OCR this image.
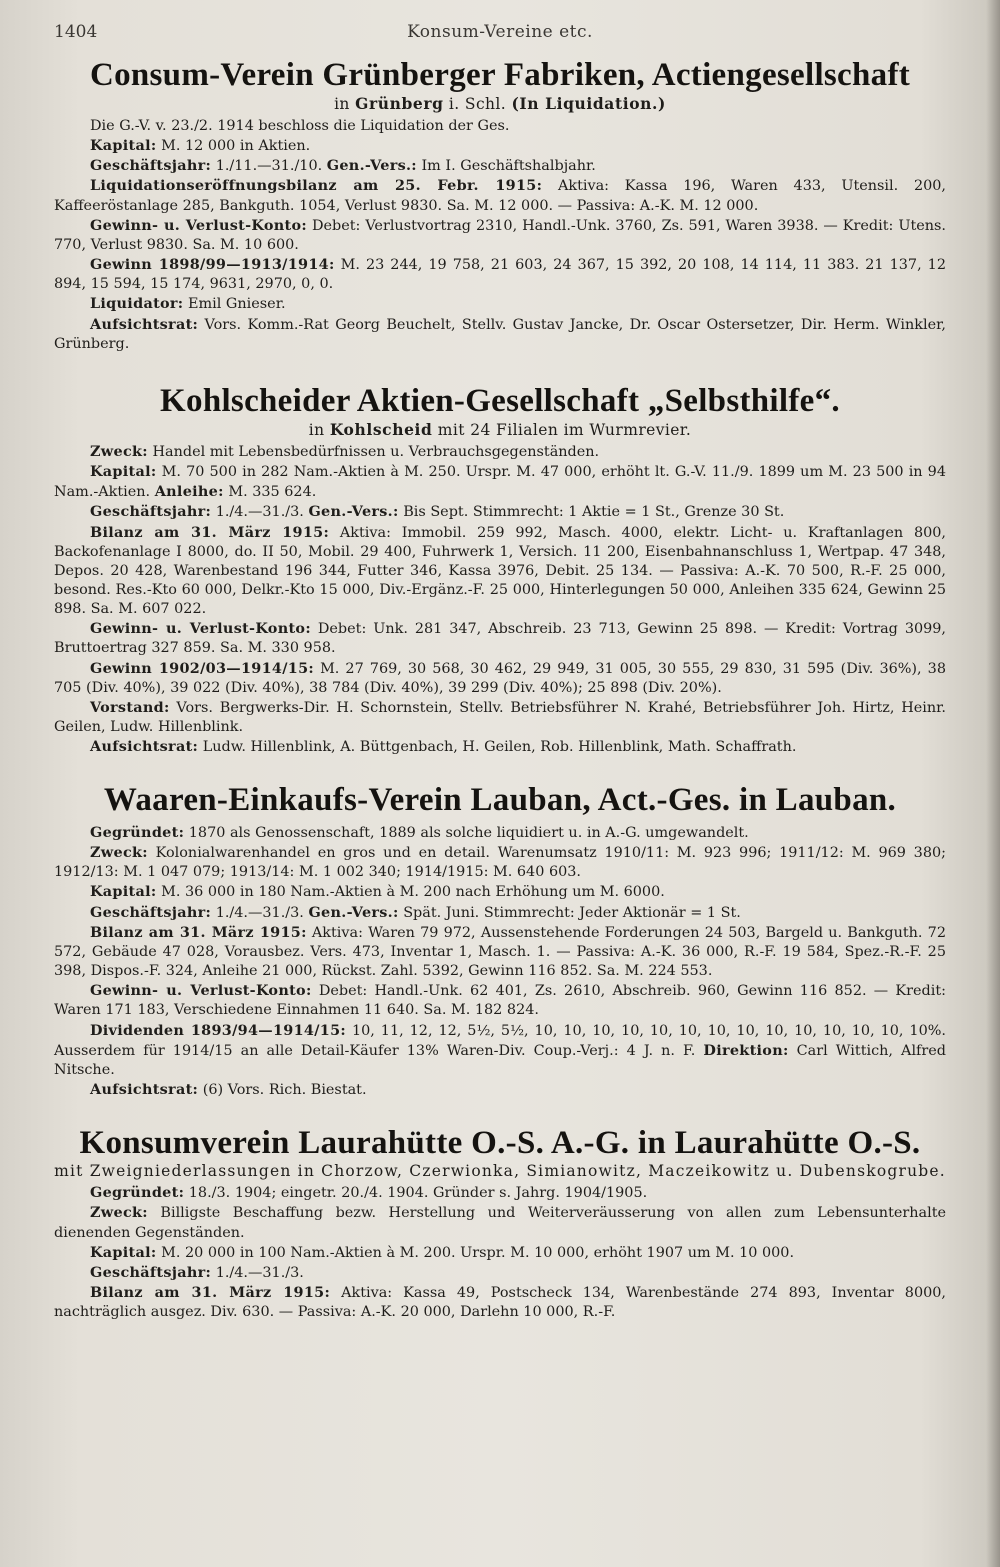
1404	Konsum-Vereine etc.
Consum-Verein Grünberger Fabriken, Actiengesellschaft

in Grünberg i. Schl. (In Liquidation.)

Die G.-V. v. 23./2. 1914 beschloss die Liquidation der Ges.

Kapital: M. 12 000 in Aktien.

Geschäftsjahr: 1./11.—31./10. Gen.-Vers.: Im I. Geschäftshalbjahr.

Liquidationseröffnungsbilanz am 25. Febr. 1915: Aktiva: Kassa 196, Waren 433, Utensil. 200, Kaffeeröstanlage 285, Bankguth. 1054, Verlust 9830. Sa. M. 12 000. — Passiva: A.-K. M. 12 000.

Gewinn- u. Verlust-Konto: Debet: Verlustvortrag 2310, Handl.-Unk. 3760, Zs. 591, Waren 3938. — Kredit: Utens. 770, Verlust 9830. Sa. M. 10 600.

Gewinn 1898/99—1913/1914: M. 23 244, 19 758, 21 603, 24 367, 15 392, 20 108, 14 114, 11 383. 21 137, 12 894, 15 594, 15 174, 9631, 2970, 0, 0.

Liquidator: Emil Gnieser.

Aufsichtsrat: Vors. Komm.-Rat Georg Beuchelt, Stellv. Gustav Jancke, Dr. Oscar Ostersetzer, Dir. Herm. Winkler, Grünberg.

Kohlscheider Aktien-Gesellschaft „Selbsthilfe“.

in Kohlscheid mit 24 Filialen im Wurmrevier.

Zweck: Handel mit Lebensbedürfnissen u. Verbrauchsgegenständen.

Kapital: M. 70 500 in 282 Nam.-Aktien à M. 250. Urspr. M. 47 000, erhöht lt. G.-V. 11./9. 1899 um M. 23 500 in 94 Nam.-Aktien. Anleihe: M. 335 624.

Geschäftsjahr: 1./4.—31./3. Gen.-Vers.: Bis Sept. Stimmrecht: 1 Aktie = 1 St., Grenze 30 St.

Bilanz am 31. März 1915: Aktiva: Immobil. 259 992, Masch. 4000, elektr. Licht- u. Kraftanlagen 800, Backofenanlage I 8000, do. II 50, Mobil. 29 400, Fuhrwerk 1, Versich. 11 200, Eisenbahnanschluss 1, Wertpap. 47 348, Depos. 20 428, Warenbestand 196 344, Futter 346, Kassa 3976, Debit. 25 134. — Passiva: A.-K. 70 500, R.-F. 25 000, besond. Res.-Kto 60 000, Delkr.-Kto 15 000, Div.-Ergänz.-F. 25 000, Hinterlegungen 50 000, Anleihen 335 624, Gewinn 25 898. Sa. M. 607 022.

Gewinn- u. Verlust-Konto: Debet: Unk. 281 347, Abschreib. 23 713, Gewinn 25 898. — Kredit: Vortrag 3099, Bruttoertrag 327 859. Sa. M. 330 958.

Gewinn 1902/03—1914/15: M. 27 769, 30 568, 30 462, 29 949, 31 005, 30 555, 29 830, 31 595 (Div. 36%), 38 705 (Div. 40%), 39 022 (Div. 40%), 38 784 (Div. 40%), 39 299 (Div. 40%); 25 898 (Div. 20%).

Vorstand: Vors. Bergwerks-Dir. H. Schornstein, Stellv. Betriebsführer N. Krahé, Betriebsführer Joh. Hirtz, Heinr. Geilen, Ludw. Hillenblink.

Aufsichtsrat: Ludw. Hillenblink, A. Büttgenbach, H. Geilen, Rob. Hillenblink, Math. Schaffrath.

Waaren-Einkaufs-Verein Lauban, Act.-Ges. in Lauban.

Gegründet: 1870 als Genossenschaft, 1889 als solche liquidiert u. in A.-G. umgewandelt.

Zweck: Kolonialwarenhandel en gros und en detail. Warenumsatz 1910/11: M. 923 996; 1911/12: M. 969 380; 1912/13: M. 1 047 079; 1913/14: M. 1 002 340; 1914/1915: M. 640 603.

Kapital: M. 36 000 in 180 Nam.-Aktien à M. 200 nach Erhöhung um M. 6000.

Geschäftsjahr: 1./4.—31./3. Gen.-Vers.: Spät. Juni. Stimmrecht: Jeder Aktionär = 1 St.

Bilanz am 31. März 1915: Aktiva: Waren 79 972, Aussenstehende Forderungen 24 503, Bargeld u. Bankguth. 72 572, Gebäude 47 028, Vorausbez. Vers. 473, Inventar 1, Masch. 1. — Passiva: A.-K. 36 000, R.-F. 19 584, Spez.-R.-F. 25 398, Dispos.-F. 324, Anleihe 21 000, Rückst. Zahl. 5392, Gewinn 116 852. Sa. M. 224 553.

Gewinn- u. Verlust-Konto: Debet: Handl.-Unk. 62 401, Zs. 2610, Abschreib. 960, Gewinn 116 852. — Kredit: Waren 171 183, Verschiedene Einnahmen 11 640. Sa. M. 182 824.

Dividenden 1893/94—1914/15: 10, 11, 12, 12, 5½, 5½, 10, 10, 10, 10, 10, 10, 10, 10, 10, 10, 10, 10, 10, 10%. Ausserdem für 1914/15 an alle Detail-Käufer 13% Waren-Div. Coup.-Verj.: 4 J. n. F. Direktion: Carl Wittich, Alfred Nitsche.

Aufsichtsrat: (6) Vors. Rich. Biestat.

Konsumverein Laurahütte O.-S. A.-G. in Laurahütte O.-S.

mit Zweigniederlassungen in Chorzow, Czerwionka, Simianowitz, Maczeikowitz u. Dubenskogrube.

Gegründet: 18./3. 1904; eingetr. 20./4. 1904. Gründer s. Jahrg. 1904/1905.

Zweck: Billigste Beschaffung bezw. Herstellung und Weiterveräusserung von allen zum Lebensunterhalte dienenden Gegenständen.

Kapital: M. 20 000 in 100 Nam.-Aktien à M. 200. Urspr. M. 10 000, erhöht 1907 um M. 10 000.

Geschäftsjahr: 1./4.—31./3.

Bilanz am 31. März 1915: Aktiva: Kassa 49, Postscheck 134, Warenbestände 274 893, Inventar 8000, nachträglich ausgez. Div. 630. — Passiva: A.-K. 20 000, Darlehn 10 000, R.-F.
